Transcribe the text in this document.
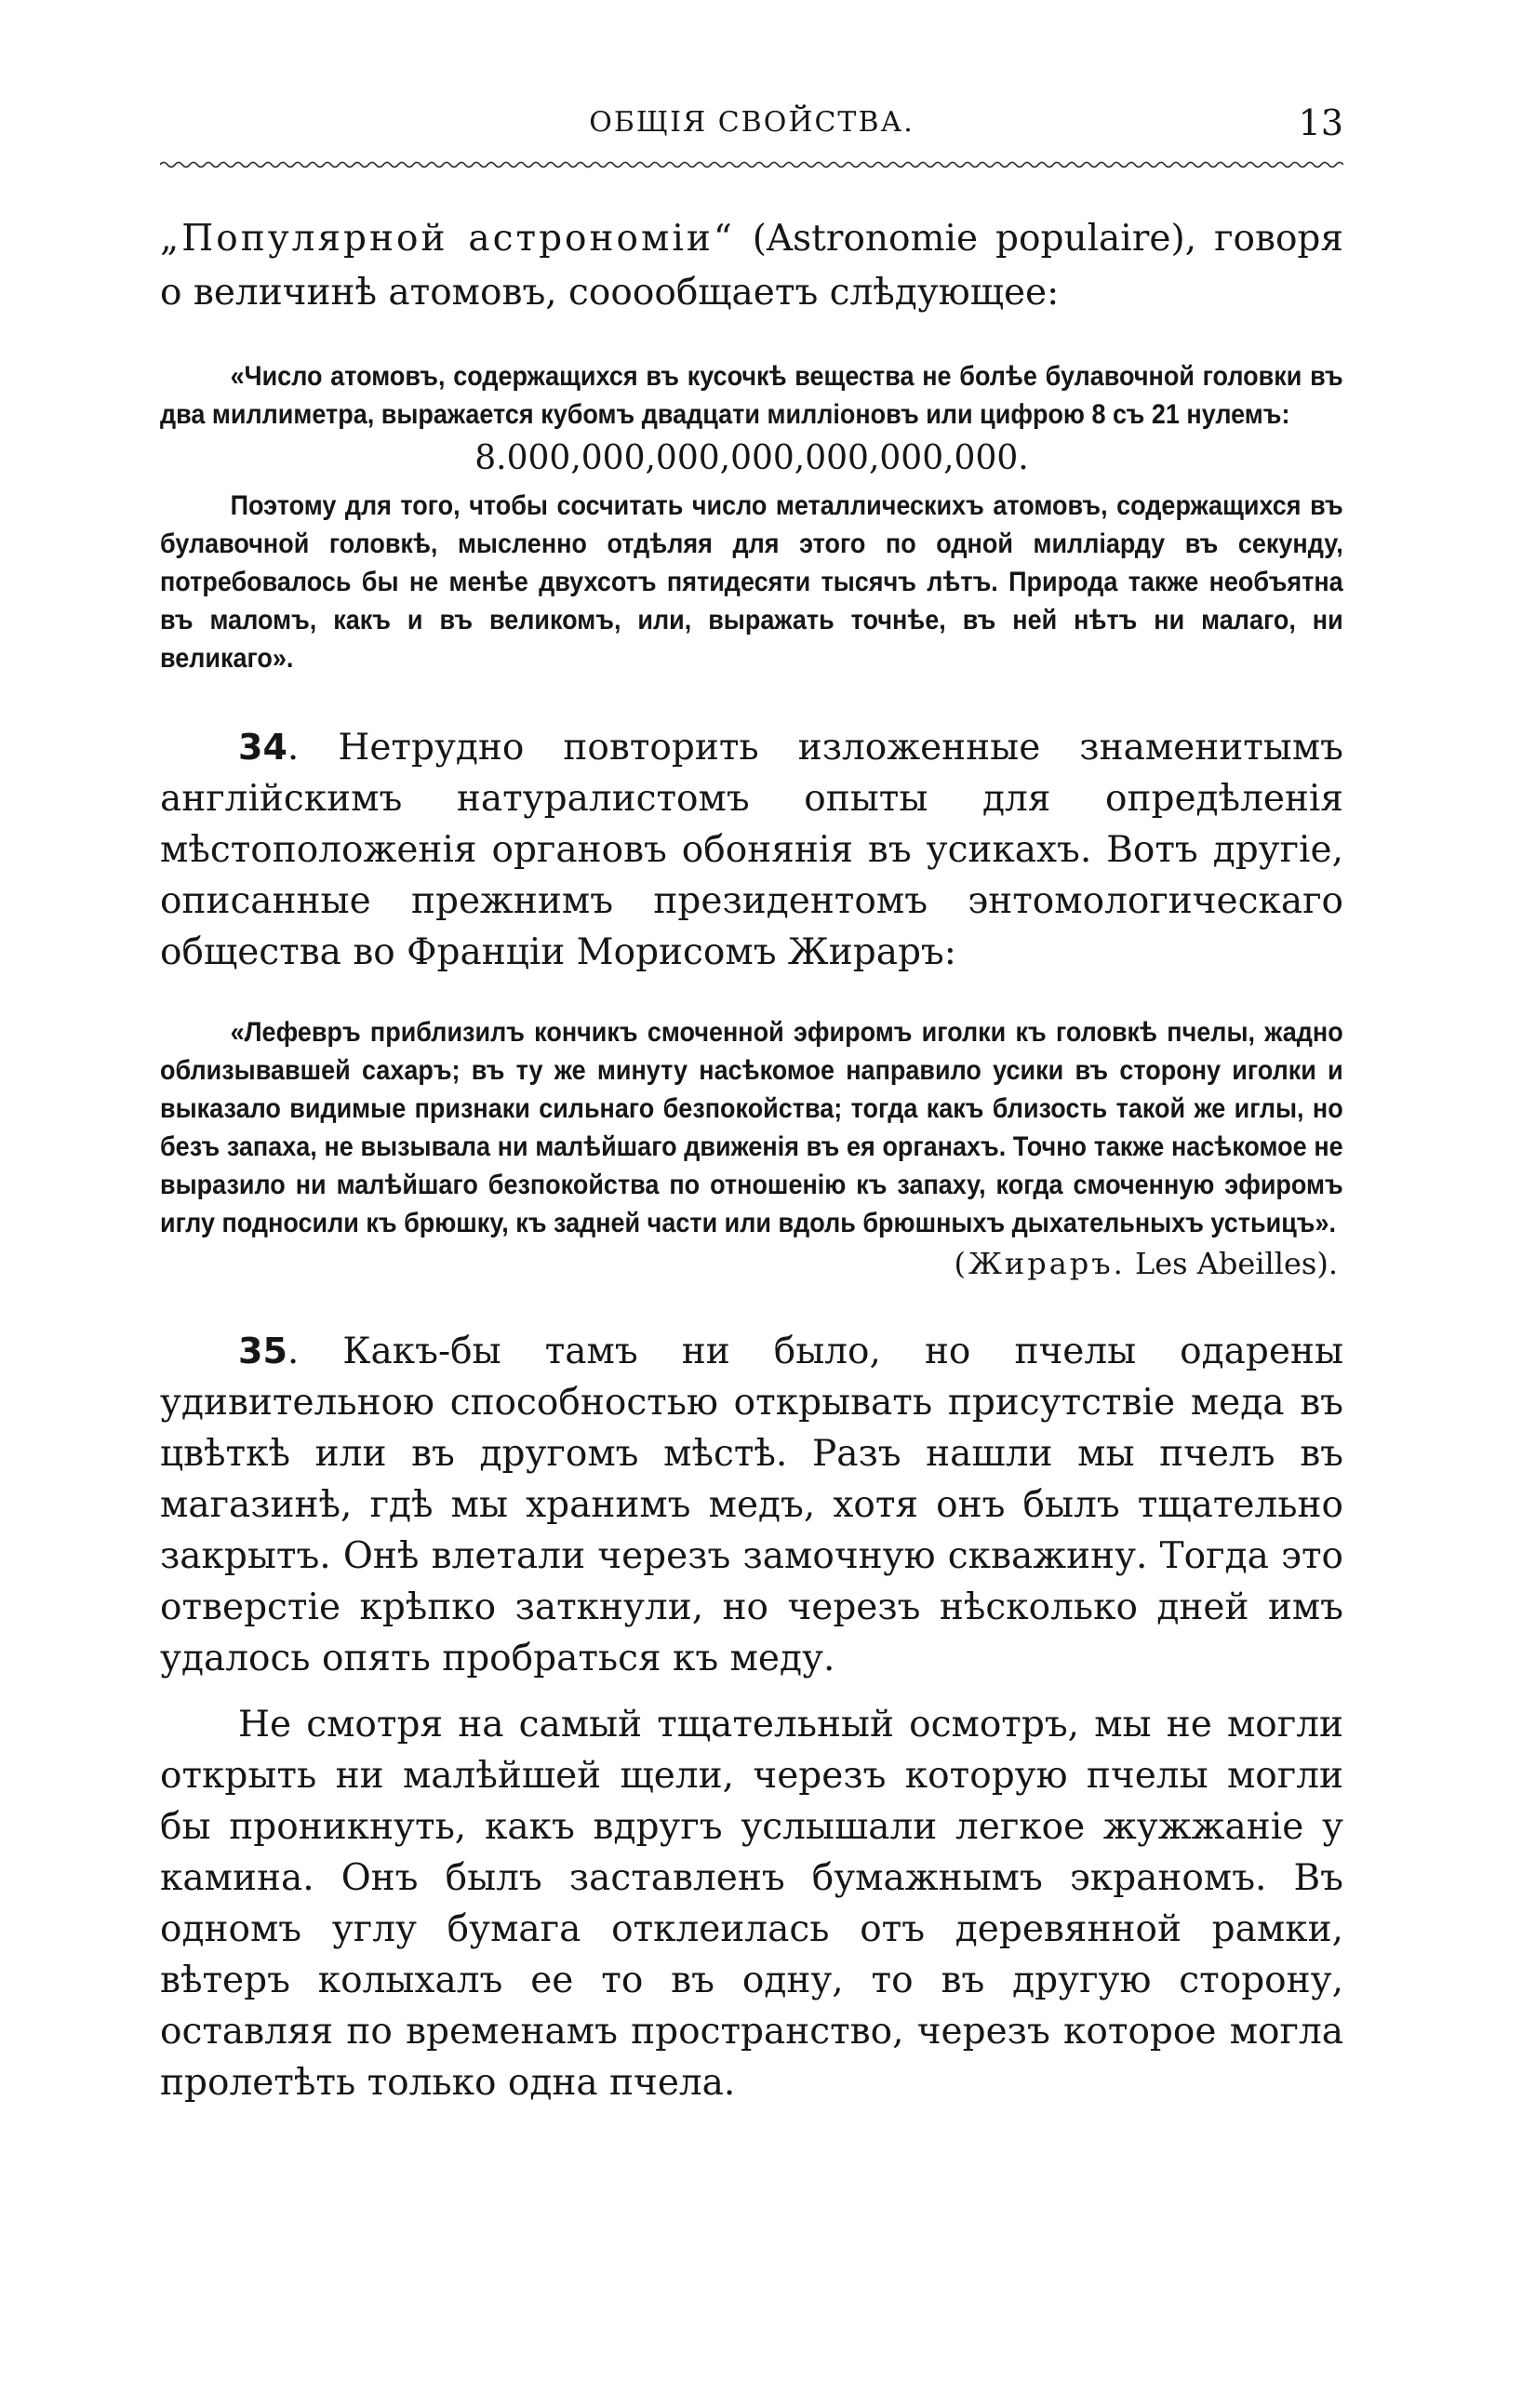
ОБЩІЯ СВОЙСТВА.	13
„Популярной астрономіи“ (Astronomie populaire), говоря о величинѣ атомовъ, сооообщаетъ слѣдующее:

«Число атомовъ, содержащихся въ кусочкѣ вещества не болѣе булавочной головки въ два миллиметра, выражается кубомъ двадцати милліоновъ или цифрою 8 съ 21 нулемъ:

8.000,000,000,000,000,000,000.

Поэтому для того, чтобы сосчитать число металлическихъ атомовъ, содержащихся въ булавочной головкѣ, мысленно отдѣляя для этого по одной милліарду въ секунду, потребовалось бы не менѣе двухсотъ пятидесяти тысячъ лѣтъ. Природа также необъятна въ маломъ, какъ и въ великомъ, или, выражать точнѣе, въ ней нѣтъ ни малаго, ни великаго».

34. Нетрудно повторить изложенные знаменитымъ англійскимъ натуралистомъ опыты для опредѣленія мѣстоположенія органовъ обонянія въ усикахъ. Вотъ другіе, описанные прежнимъ президентомъ энтомологическаго общества во Франціи Морисомъ Жираръ:

«Лефевръ приблизилъ кончикъ смоченной эфиромъ иголки къ головкѣ пчелы, жадно облизывавшей сахаръ; въ ту же минуту насѣкомое направило усики въ сторону иголки и выказало видимые признаки сильнаго безпокойства; тогда какъ близость такой же иглы, но безъ запаха, не вызывала ни малѣйшаго движенія въ ея органахъ. Точно также насѣкомое не выразило ни малѣйшаго безпокойства по отношенію къ запаху, когда смоченную эфиромъ иглу подносили къ брюшку, къ задней части или вдоль брюшныхъ дыхательныхъ устьицъ».

(Жираръ. Les Abeilles).
35. Какъ-бы тамъ ни было, но пчелы одарены удивительною способностью открывать присутствіе меда въ цвѣткѣ или въ другомъ мѣстѣ. Разъ нашли мы пчелъ въ магазинѣ, гдѣ мы хранимъ медъ, хотя онъ былъ тщательно закрытъ. Онѣ влетали черезъ замочную скважину. Тогда это отверстіе крѣпко заткнули, но черезъ нѣсколько дней имъ удалось опять пробраться къ меду.
Не смотря на самый тщательный осмотръ, мы не могли открыть ни малѣйшей щели, черезъ которую пчелы могли бы проникнуть, какъ вдругъ услышали легкое жужжаніе у камина. Онъ былъ заставленъ бумажнымъ экраномъ. Въ одномъ углу бумага отклеилась отъ деревянной рамки, вѣтеръ колыхалъ ее то въ одну, то въ другую сторону, оставляя по временамъ пространство, черезъ которое могла пролетѣть только одна пчела.
